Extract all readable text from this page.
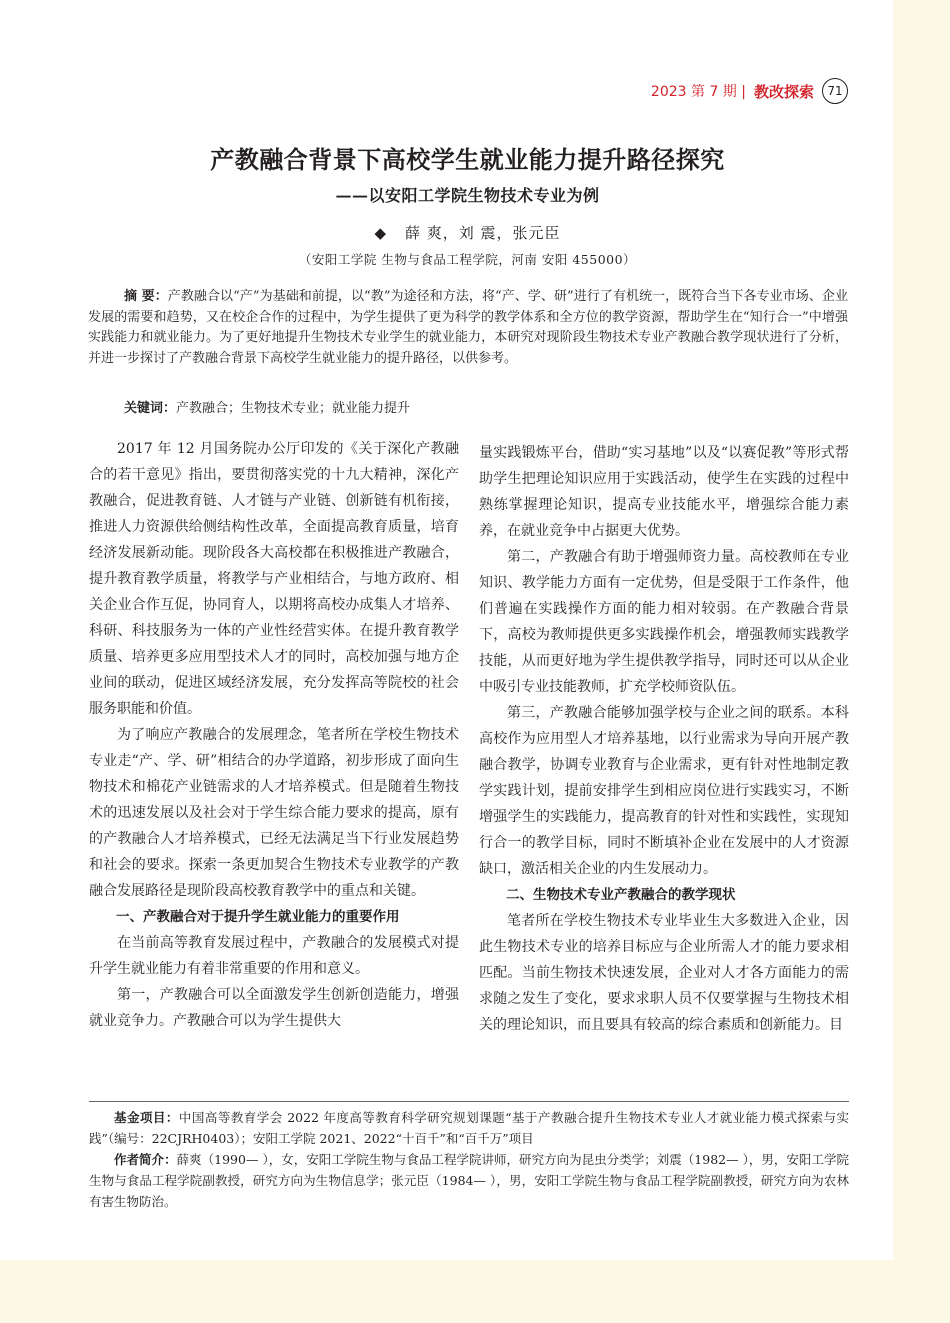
2023 第 7 期 | 教改探索	71
产教融合背景下高校学生就业能力提升路径探究
——以安阳工学院生物技术专业为例
◆ 薛 爽，刘 震，张元臣
（安阳工学院 生物与食品工程学院，河南 安阳 455000）

摘 要：产教融合以“产”为基础和前提，以“教”为途径和方法，将“产、学、研”进行了有机统一，既符合当下各专业市场、企业发展的需要和趋势，又在校企合作的过程中，为学生提供了更为科学的教学体系和全方位的教学资源，帮助学生在“知行合一”中增强实践能力和就业能力。为了更好地提升生物技术专业学生的就业能力，本研究对现阶段生物技术专业产教融合教学现状进行了分析，并进一步探讨了产教融合背景下高校学生就业能力的提升路径，以供参考。

关键词：产教融合；生物技术专业；就业能力提升

2017 年 12 月国务院办公厅印发的《关于深化产教融合的若干意见》指出，要贯彻落实党的十九大精神，深化产教融合，促进教育链、人才链与产业链、创新链有机衔接，推进人力资源供给侧结构性改革，全面提高教育质量，培育经济发展新动能。现阶段各大高校都在积极推进产教融合，提升教育教学质量，将教学与产业相结合，与地方政府、相关企业合作互促，协同育人，以期将高校办成集人才培养、科研、科技服务为一体的产业性经营实体。在提升教育教学质量、培养更多应用型技术人才的同时，高校加强与地方企业间的联动，促进区域经济发展，充分发挥高等院校的社会服务职能和价值。

为了响应产教融合的发展理念，笔者所在学校生物技术专业走“产、学、研”相结合的办学道路，初步形成了面向生物技术和棉花产业链需求的人才培养模式。但是随着生物技术的迅速发展以及社会对于学生综合能力要求的提高，原有的产教融合人才培养模式，已经无法满足当下行业发展趋势和社会的要求。探索一条更加契合生物技术专业教学的产教融合发展路径是现阶段高校教育教学中的重点和关键。

一、产教融合对于提升学生就业能力的重要作用

在当前高等教育发展过程中，产教融合的发展模式对提升学生就业能力有着非常重要的作用和意义。

第一，产教融合可以全面激发学生创新创造能力，增强就业竞争力。产教融合可以为学生提供大

量实践锻炼平台，借助“实习基地”以及“以赛促教”等形式帮助学生把理论知识应用于实践活动，使学生在实践的过程中熟练掌握理论知识，提高专业技能水平，增强综合能力素养，在就业竞争中占据更大优势。

第二，产教融合有助于增强师资力量。高校教师在专业知识、教学能力方面有一定优势，但是受限于工作条件，他们普遍在实践操作方面的能力相对较弱。在产教融合背景下，高校为教师提供更多实践操作机会，增强教师实践教学技能，从而更好地为学生提供教学指导，同时还可以从企业中吸引专业技能教师，扩充学校师资队伍。

第三，产教融合能够加强学校与企业之间的联系。本科高校作为应用型人才培养基地，以行业需求为导向开展产教融合教学，协调专业教育与企业需求，更有针对性地制定教学实践计划，提前安排学生到相应岗位进行实践实习，不断增强学生的实践能力，提高教育的针对性和实践性，实现知行合一的教学目标，同时不断填补企业在发展中的人才资源缺口，激活相关企业的内生发展动力。

二、生物技术专业产教融合的教学现状

笔者所在学校生物技术专业毕业生大多数进入企业，因此生物技术专业的培养目标应与企业所需人才的能力要求相匹配。当前生物技术快速发展，企业对人才各方面能力的需求随之发生了变化，要求求职人员不仅要掌握与生物技术相关的理论知识，而且要具有较高的综合素质和创新能力。目

基金项目：中国高等教育学会 2022 年度高等教育科学研究规划课题“基于产教融合提升生物技术专业人才就业能力模式探索与实践”（编号：22CJRH0403）；安阳工学院 2021、2022“十百千”和“百千万”项目

作者简介：薛爽（1990— ），女，安阳工学院生物与食品工程学院讲师，研究方向为昆虫分类学；刘震（1982— ），男，安阳工学院生物与食品工程学院副教授，研究方向为生物信息学；张元臣（1984— ），男，安阳工学院生物与食品工程学院副教授，研究方向为农林有害生物防治。
